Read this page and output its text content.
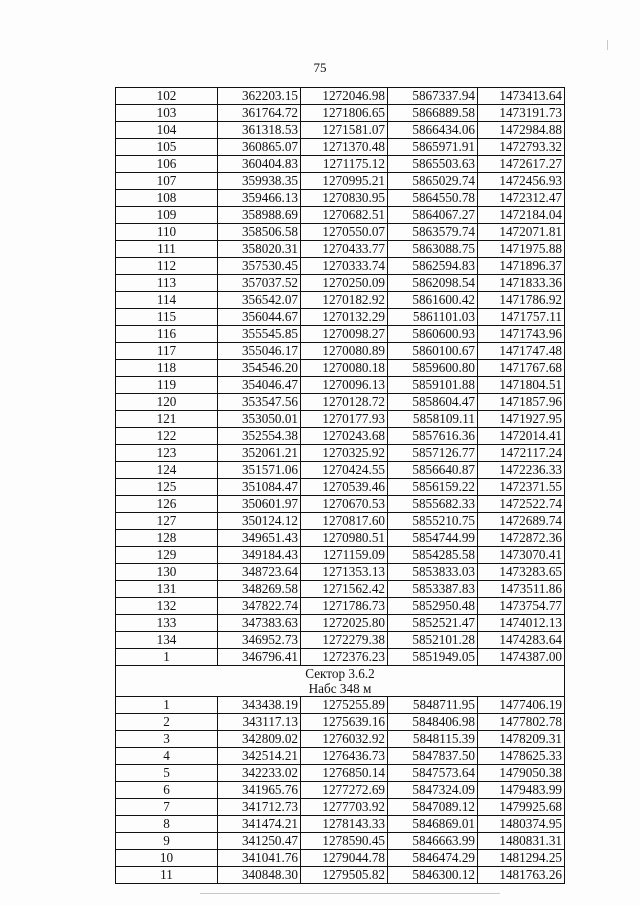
75
102	362203.15	1272046.98	5867337.94	1473413.64
103	361764.72	1271806.65	5866889.58	1473191.73
104	361318.53	1271581.07	5866434.06	1472984.88
105	360865.07	1271370.48	5865971.91	1472793.32
106	360404.83	1271175.12	5865503.63	1472617.27
107	359938.35	1270995.21	5865029.74	1472456.93
108	359466.13	1270830.95	5864550.78	1472312.47
109	358988.69	1270682.51	5864067.27	1472184.04
110	358506.58	1270550.07	5863579.74	1472071.81
111	358020.31	1270433.77	5863088.75	1471975.88
112	357530.45	1270333.74	5862594.83	1471896.37
113	357037.52	1270250.09	5862098.54	1471833.36
114	356542.07	1270182.92	5861600.42	1471786.92
115	356044.67	1270132.29	5861101.03	1471757.11
116	355545.85	1270098.27	5860600.93	1471743.96
117	355046.17	1270080.89	5860100.67	1471747.48
118	354546.20	1270080.18	5859600.80	1471767.68
119	354046.47	1270096.13	5859101.88	1471804.51
120	353547.56	1270128.72	5858604.47	1471857.96
121	353050.01	1270177.93	5858109.11	1471927.95
122	352554.38	1270243.68	5857616.36	1472014.41
123	352061.21	1270325.92	5857126.77	1472117.24
124	351571.06	1270424.55	5856640.87	1472236.33
125	351084.47	1270539.46	5856159.22	1472371.55
126	350601.97	1270670.53	5855682.33	1472522.74
127	350124.12	1270817.60	5855210.75	1472689.74
128	349651.43	1270980.51	5854744.99	1472872.36
129	349184.43	1271159.09	5854285.58	1473070.41
130	348723.64	1271353.13	5853833.03	1473283.65
131	348269.58	1271562.42	5853387.83	1473511.86
132	347822.74	1271786.73	5852950.48	1473754.77
133	347383.63	1272025.80	5852521.47	1474012.13
134	346952.73	1272279.38	5852101.28	1474283.64
1	346796.41	1272376.23	5851949.05	1474387.00

Сектор 3.6.2
Набс 348 м				

1	343438.19	1275255.89	5848711.95	1477406.19
2	343117.13	1275639.16	5848406.98	1477802.78
3	342809.02	1276032.92	5848115.39	1478209.31
4	342514.21	1276436.73	5847837.50	1478625.33
5	342233.02	1276850.14	5847573.64	1479050.38
6	341965.76	1277272.69	5847324.09	1479483.99
7	341712.73	1277703.92	5847089.12	1479925.68
8	341474.21	1278143.33	5846869.01	1480374.95
9	341250.47	1278590.45	5846663.99	1480831.31
10	341041.76	1279044.78	5846474.29	1481294.25
11	340848.30	1279505.82	5846300.12	1481763.26
